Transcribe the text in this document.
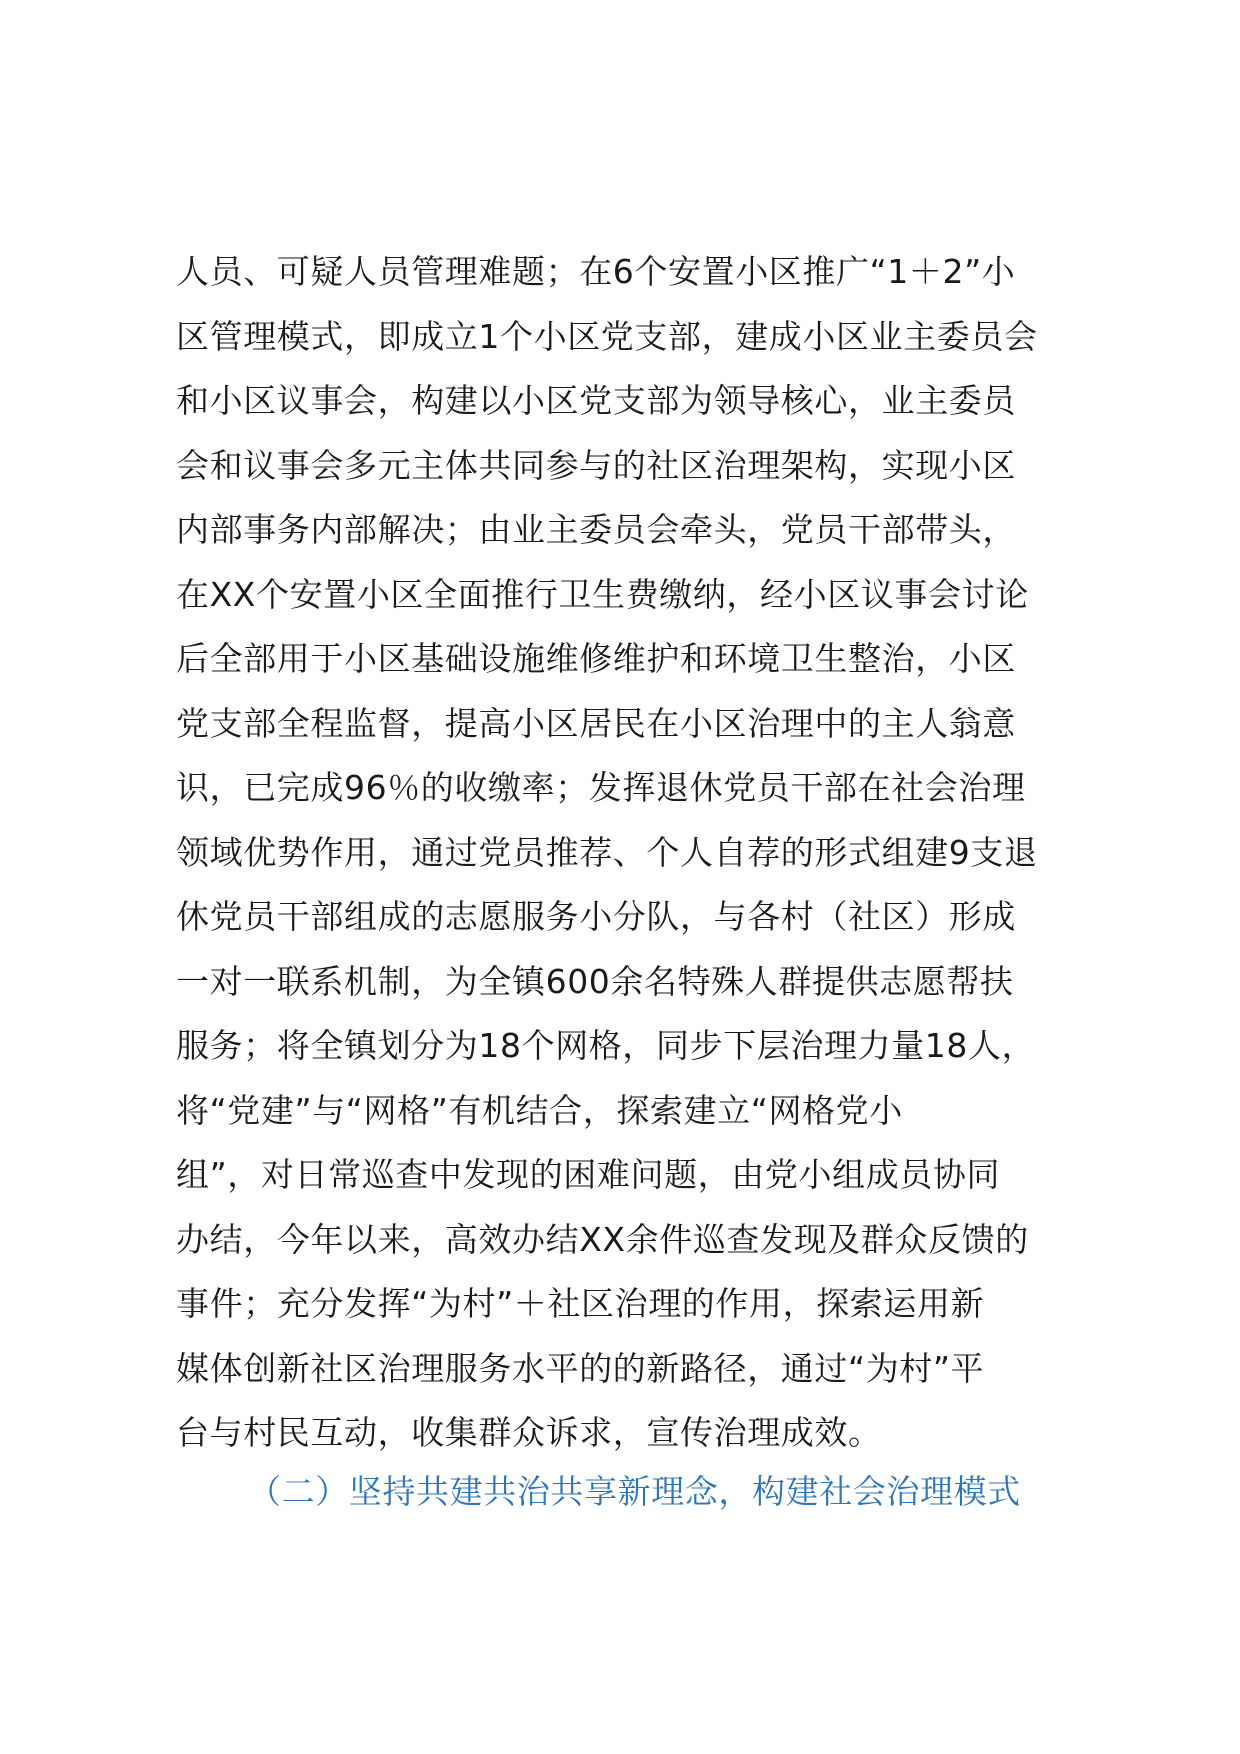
人员、可疑人员管理难题；在6个安置小区推广“1＋2”小
区管理模式，即成立1个小区党支部，建成小区业主委员会
和小区议事会，构建以小区党支部为领导核心，业主委员
会和议事会多元主体共同参与的社区治理架构，实现小区
内部事务内部解决；由业主委员会牵头，党员干部带头，
在XX个安置小区全面推行卫生费缴纳，经小区议事会讨论
后全部用于小区基础设施维修维护和环境卫生整治，小区
党支部全程监督，提高小区居民在小区治理中的主人翁意
识，已完成96％的收缴率；发挥退休党员干部在社会治理
领域优势作用，通过党员推荐、个人自荐的形式组建9支退
休党员干部组成的志愿服务小分队，与各村（社区）形成
一对一联系机制，为全镇600余名特殊人群提供志愿帮扶
服务；将全镇划分为18个网格，同步下层治理力量18人，
将“党建”与“网格”有机结合，探索建立“网格党小
组”，对日常巡查中发现的困难问题，由党小组成员协同
办结，今年以来，高效办结XX余件巡查发现及群众反馈的
事件；充分发挥“为村”＋社区治理的作用，探索运用新
媒体创新社区治理服务水平的的新路径，通过“为村”平
台与村民互动，收集群众诉求，宣传治理成效。
（二）坚持共建共治共享新理念，构建社会治理模式
